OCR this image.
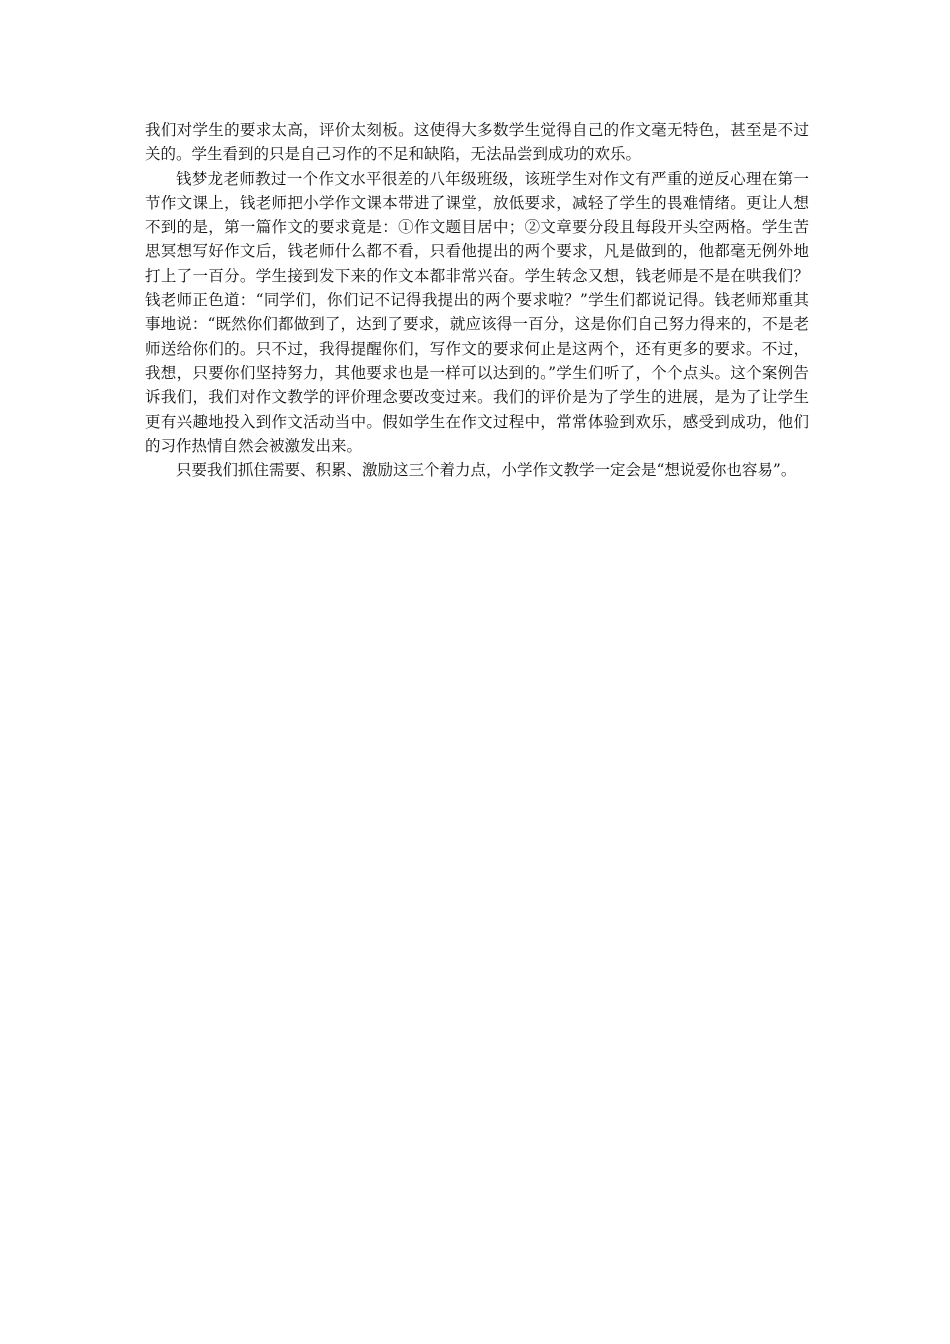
我们对学生的要求太高，评价太刻板。这使得大多数学生觉得自己的作文毫无特色，甚至是不过关的。学生看到的只是自己习作的不足和缺陷，无法品尝到成功的欢乐。

钱梦龙老师教过一个作文水平很差的八年级班级，该班学生对作文有严重的逆反心理在第一节作文课上，钱老师把小学作文课本带进了课堂，放低要求，减轻了学生的畏难情绪。更让人想不到的是，第一篇作文的要求竟是：①作文题目居中；②文章要分段且每段开头空两格。学生苦思冥想写好作文后，钱老师什么都不看，只看他提出的两个要求，凡是做到的，他都毫无例外地打上了一百分。学生接到发下来的作文本都非常兴奋。学生转念又想，钱老师是不是在哄我们？钱老师正色道：“同学们，你们记不记得我提出的两个要求啦？”学生们都说记得。钱老师郑重其事地说：“既然你们都做到了，达到了要求，就应该得一百分，这是你们自己努力得来的，不是老师送给你们的。只不过，我得提醒你们，写作文的要求何止是这两个，还有更多的要求。不过，我想，只要你们坚持努力，其他要求也是一样可以达到的。”学生们听了，个个点头。这个案例告诉我们，我们对作文教学的评价理念要改变过来。我们的评价是为了学生的进展，是为了让学生更有兴趣地投入到作文活动当中。假如学生在作文过程中，常常体验到欢乐，感受到成功，他们的习作热情自然会被激发出来。

只要我们抓住需要、积累、激励这三个着力点，小学作文教学一定会是“想说爱你也容易”。
